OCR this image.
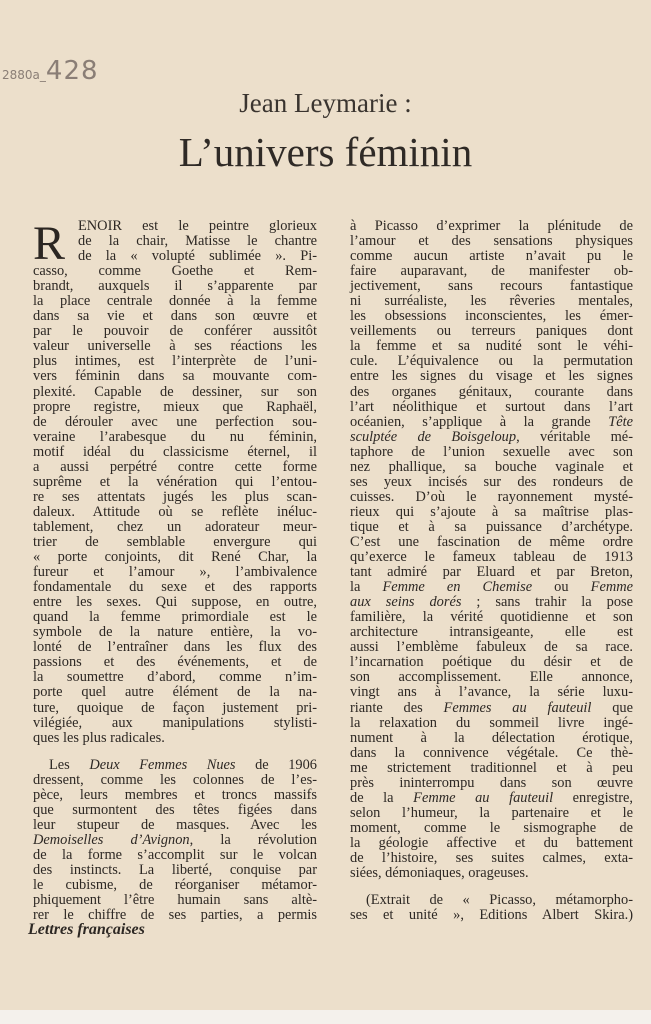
2880a_428
Jean Leymarie :
L’univers féminin
R ENOIR est le peintre glorieux
de la chair, Matisse le chantre
de la « volupté sublimée ». Pi-
casso, comme Goethe et Rem-
brandt, auxquels il s’apparente par
la place centrale donnée à la femme
dans sa vie et dans son œuvre et
par le pouvoir de conférer aussitôt
valeur universelle à ses réactions les
plus intimes, est l’interprète de l’uni-
vers féminin dans sa mouvante com-
plexité. Capable de dessiner, sur son
propre registre, mieux que Raphaël,
de dérouler avec une perfection sou-
veraine l’arabesque du nu féminin,
motif idéal du classicisme éternel, il
a aussi perpétré contre cette forme
suprême et la vénération qui l’entou-
re ses attentats jugés les plus scan-
daleux. Attitude où se reflète inéluc-
tablement, chez un adorateur meur-
trier de semblable envergure qui
« porte conjoints, dit René Char, la
fureur et l’amour », l’ambivalence
fondamentale du sexe et des rapports
entre les sexes. Qui suppose, en outre,
quand la femme primordiale est le
symbole de la nature entière, la vo-
lonté de l’entraîner dans les flux des
passions et des événements, et de
la soumettre d’abord, comme n’im-
porte quel autre élément de la na-
ture, quoique de façon justement pri-
vilégiée, aux manipulations stylisti-
ques les plus radicales.
Les Deux Femmes Nues de 1906
dressent, comme les colonnes de l’es-
pèce, leurs membres et troncs massifs
que surmontent des têtes figées dans
leur stupeur de masques. Avec les
Demoiselles d’Avignon, la révolution
de la forme s’accomplit sur le volcan
des instincts. La liberté, conquise par
le cubisme, de réorganiser métamor-
phiquement l’être humain sans altè-
rer le chiffre de ses parties, a permis
à Picasso d’exprimer la plénitude de
l’amour et des sensations physiques
comme aucun artiste n’avait pu le
faire auparavant, de manifester ob-
jectivement, sans recours fantastique
ni surréaliste, les rêveries mentales,
les obsessions inconscientes, les émer-
veillements ou terreurs paniques dont
la femme et sa nudité sont le véhi-
cule. L’équivalence ou la permutation
entre les signes du visage et les signes
des organes génitaux, courante dans
l’art néolithique et surtout dans l’art
océanien, s’applique à la grande Tête
sculptée de Boisgeloup, véritable mé-
taphore de l’union sexuelle avec son
nez phallique, sa bouche vaginale et
ses yeux incisés sur des rondeurs de
cuisses. D’où le rayonnement mysté-
rieux qui s’ajoute à sa maîtrise plas-
tique et à sa puissance d’archétype.
C’est une fascination de même ordre
qu’exerce le fameux tableau de 1913
tant admiré par Eluard et par Breton,
la Femme en Chemise ou Femme
aux seins dorés ; sans trahir la pose
familière, la vérité quotidienne et son
architecture intransigeante, elle est
aussi l’emblème fabuleux de sa race.
l’incarnation poétique du désir et de
son accomplissement. Elle annonce,
vingt ans à l’avance, la série luxu-
riante des Femmes au fauteuil que
la relaxation du sommeil livre ingé-
nument à la délectation érotique,
dans la connivence végétale. Ce thè-
me strictement traditionnel et à peu
près ininterrompu dans son œuvre
de la Femme au fauteuil enregistre,
selon l’humeur, la partenaire et le
moment, comme le sismographe de
la géologie affective et du battement
de l’histoire, ses suites calmes, exta-
siées, démoniaques, orageuses.
(Extrait de « Picasso, métamorpho-
ses et unité », Editions Albert Skira.)
Lettres françaises
